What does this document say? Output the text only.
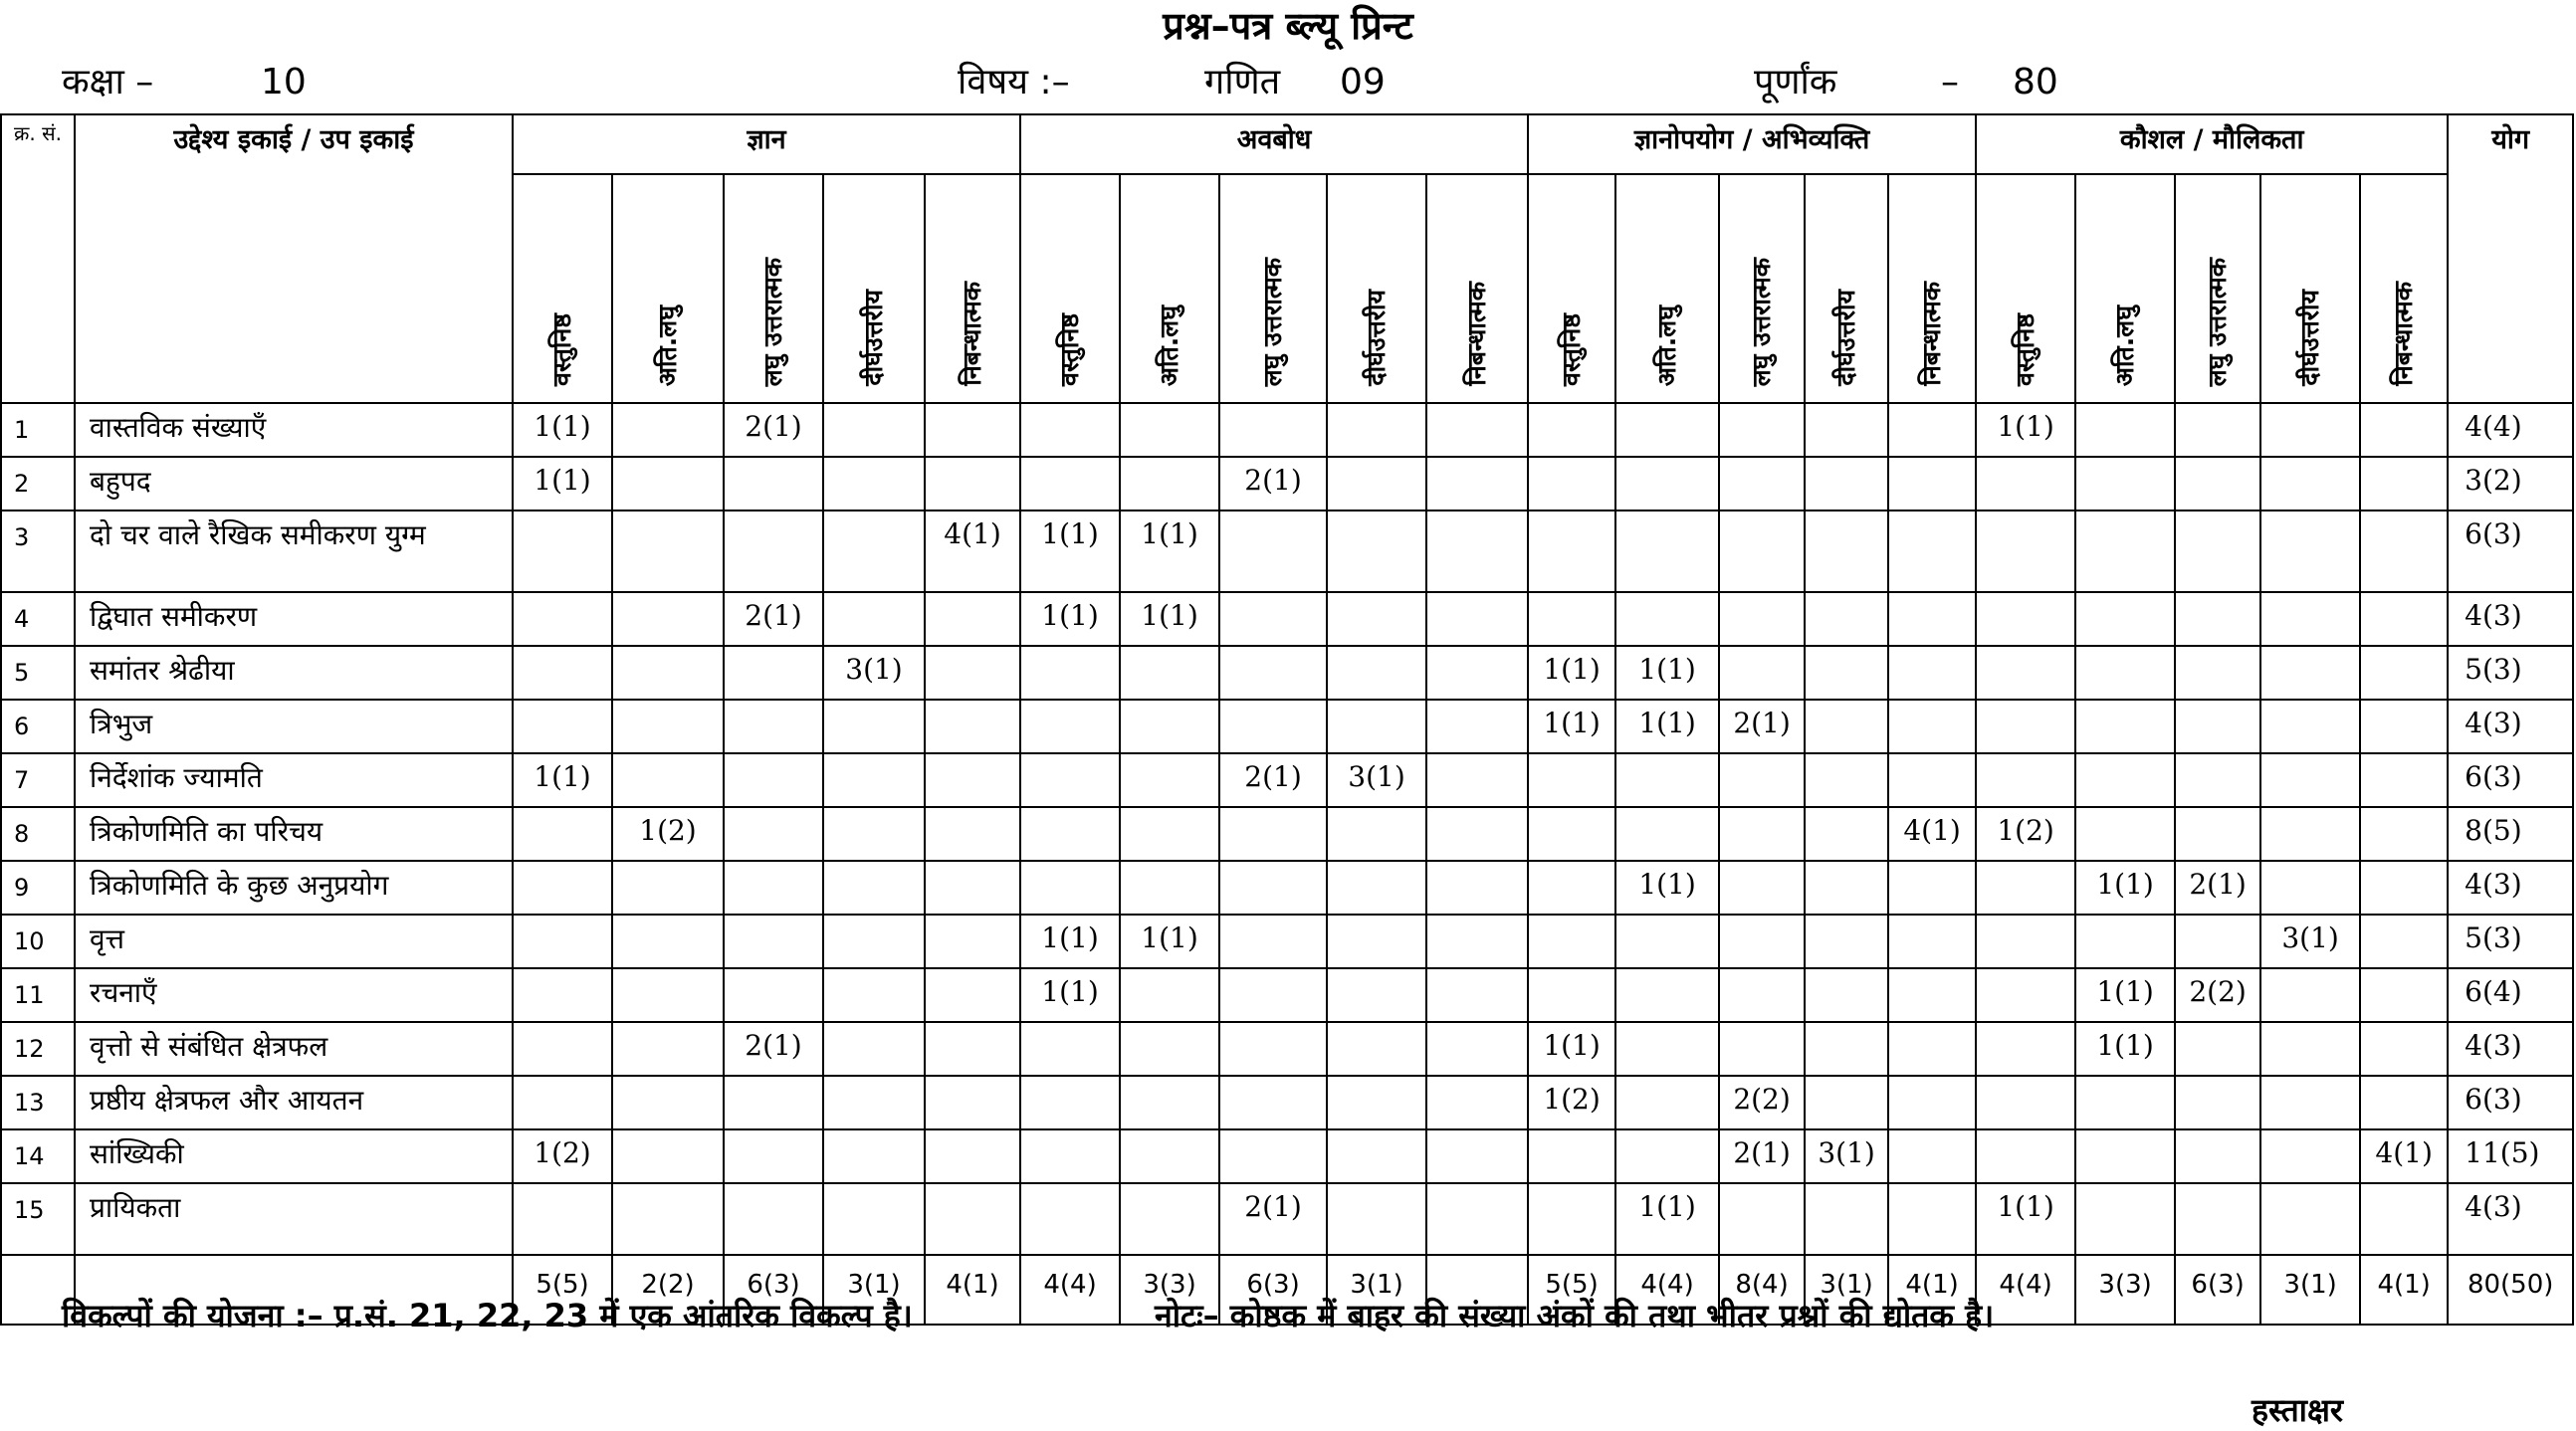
प्रश्न–पत्र ब्ल्यू प्रिन्ट
कक्षा –	10	विषय :–	गणित 09	पूर्णांक	– 80
क्र. सं.	उद्देश्य इकाई / उप इकाई	ज्ञान					अवबोध					ज्ञानोपयोग / अभिव्यक्ति					कौशल / मौलिकता					योग
		वस्तुनिष्ठ	अति.लघु	लघु उत्तरात्मक	दीर्घउत्तरीय	निबन्धात्मक	वस्तुनिष्ठ	अति.लघु	लघु उत्तरात्मक	दीर्घउत्तरीय	निबन्धात्मक	वस्तुनिष्ठ	अति.लघु	लघु उत्तरात्मक	दीर्घउत्तरीय	निबन्धात्मक	वस्तुनिष्ठ	अति.लघु	लघु उत्तरात्मक	दीर्घउत्तरीय	निबन्धात्मक	
1	वास्तविक संख्याएँ	1(1)		2(1)													1(1)					4(4)
2	बहुपद	1(1)							2(1)													3(2)
3	दो चर वाले रैखिक समीकरण युग्म					4(1)	1(1)	1(1)														6(3)
4	द्विघात समीकरण			2(1)			1(1)	1(1)														4(3)
5	समांतर श्रेढीया				3(1)							1(1)	1(1)									5(3)
6	त्रिभुज											1(1)	1(1)	2(1)								4(3)
7	निर्देशांक ज्यामति	1(1)							2(1)	3(1)												6(3)
8	त्रिकोणमिति का परिचय		1(2)													4(1)	1(2)					8(5)
9	त्रिकोणमिति के कुछ अनुप्रयोग												1(1)					1(1)	2(1)			4(3)
10	वृत्त						1(1)	1(1)												3(1)		5(3)
11	रचनाएँ						1(1)											1(1)	2(2)			6(4)
12	वृत्तो से संबंधित क्षेत्रफल			2(1)								1(1)						1(1)				4(3)
13	प्रष्ठीय क्षेत्रफल और आयतन											1(2)		2(2)								6(3)
14	सांख्यिकी	1(2)												2(1)	3(1)						4(1)	11(5)
15	प्रायिकता								2(1)				1(1)				1(1)					4(3)
		5(5)	2(2)	6(3)	3(1)	4(1)	4(4)	3(3)	6(3)	3(1)		5(5)	4(4)	8(4)	3(1)	4(1)	4(4)	3(3)	6(3)	3(1)	4(1)	80(50)
विकल्पों की योजना :– प्र.सं. 21, 22, 23 में एक आंतरिक विकल्प है।	नोटः– कोष्ठक में बाहर की संख्या अंकों की तथा भीतर प्रश्नों की द्योतक है।
हस्ताक्षर
